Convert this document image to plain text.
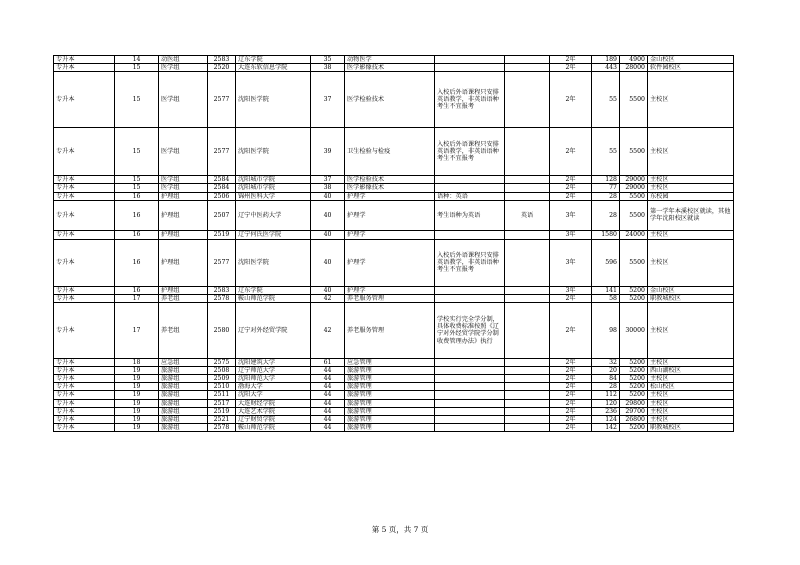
专升本	14	动医组	2583	辽东学院	35	动物医学			2年	189	4900	金山校区
专升本	15	医学组	2520	大连东软信息学院	38	医学影像技术			2年	443	28000	软件园校区
专升本	15	医学组	2577	沈阳医学院	37	医学检验技术	入校后外语课程只安排英语教学，非英语语种考生不宜报考		2年	55	5500	主校区
专升本	15	医学组	2577	沈阳医学院	39	卫生检验与检疫	入校后外语课程只安排英语教学，非英语语种考生不宜报考		2年	55	5500	主校区
专升本	15	医学组	2584	沈阳城市学院	37	医学检验技术			2年	128	29000	主校区
专升本	15	医学组	2584	沈阳城市学院	38	医学影像技术			2年	77	29000	主校区
专升本	16	护理组	2506	锦州医科大学	40	护理学	语种：英语		2年	28	5500	东校园
专升本	16	护理组	2507	辽宁中医药大学	40	护理学	考生语种为英语	英语	3年	28	5500	第一学年本溪校区就读，其他学年沈阳校区就读
专升本	16	护理组	2519	辽宁何氏医学院	40	护理学			3年	1580	24000	主校区
专升本	16	护理组	2577	沈阳医学院	40	护理学	入校后外语课程只安排英语教学，非英语语种考生不宜报考		3年	596	5500	主校区
专升本	16	护理组	2583	辽东学院	40	护理学			3年	141	5200	金山校区
专升本	17	养老组	2578	鞍山师范学院	42	养老服务管理			2年	58	5200	职教城校区
专升本	17	养老组	2580	辽宁对外经贸学院	42	养老服务管理	学校实行完全学分制，具体收费标准按照《辽宁对外经贸学院学分制收费管理办法》执行		2年	98	30000	主校区
专升本	18	应急组	2575	沈阳建筑大学	61	应急管理			2年	32	5200	主校区
专升本	19	旅游组	2508	辽宁师范大学	44	旅游管理			2年	20	5200	西山湖校区
专升本	19	旅游组	2509	沈阳师范大学	44	旅游管理			2年	84	5200	主校区
专升本	19	旅游组	2510	渤海大学	44	旅游管理			2年	28	5200	松山校区
专升本	19	旅游组	2511	沈阳大学	44	旅游管理			2年	112	5200	主校区
专升本	19	旅游组	2517	大连财经学院	44	旅游管理			2年	120	29800	主校区
专升本	19	旅游组	2519	大连艺术学院	44	旅游管理			2年	236	29700	主校区
专升本	19	旅游组	2521	辽宁财贸学院	44	旅游管理			2年	124	26800	主校区
专升本	19	旅游组	2578	鞍山师范学院	44	旅游管理			2年	142	5200	职教城校区
第 5 页，共 7 页
